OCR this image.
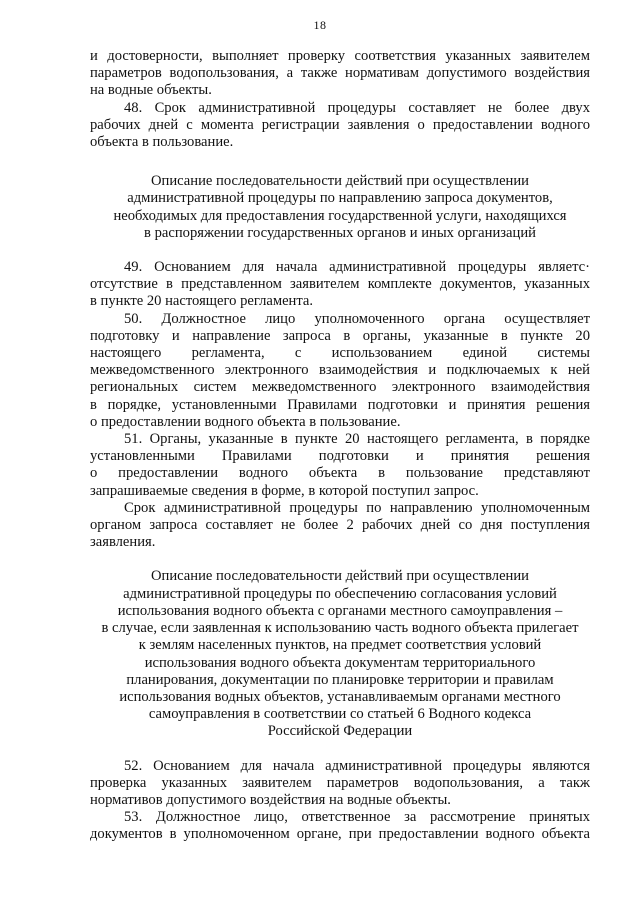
18
и достоверности, выполняет проверку соответствия указанных заявителем
параметров водопользования, а также нормативам допустимого воздействия
на водные объекты.
48. Срок административной процедуры составляет не более двух
рабочих дней с момента регистрации заявления о предоставлении водного
объекта в пользование.
Описание последовательности действий при осуществлении
административной процедуры по направлению запроса документов,
необходимых для предоставления государственной услуги, находящихся
в распоряжении государственных органов и иных организаций
49. Основанием для начала административной процедуры являетс·
отсутствие в представленном заявителем комплекте документов, указанных
в пункте 20 настоящего регламента.
50. Должностное лицо уполномоченного органа осуществляет
подготовку и направление запроса в органы, указанные в пункте 20
настоящего регламента, с использованием единой системы
межведомственного электронного взаимодействия и подключаемых к ней
региональных систем межведомственного электронного взаимодействия
в порядке, установленными Правилами подготовки и принятия решения
о предоставлении водного объекта в пользование.
51. Органы, указанные в пункте 20 настоящего регламента, в порядке
установленными Правилами подготовки и принятия решения
о предоставлении водного объекта в пользование представляют
запрашиваемые сведения в форме, в которой поступил запрос.
Срок административной процедуры по направлению уполномоченным
органом запроса составляет не более 2 рабочих дней со дня поступления
заявления.
Описание последовательности действий при осуществлении
административной процедуры по обеспечению согласования условий
использования водного объекта с органами местного самоуправления –
в случае, если заявленная к использованию часть водного объекта прилегает
к землям населенных пунктов, на предмет соответствия условий
использования водного объекта документам территориального
планирования, документации по планировке территории и правилам
использования водных объектов, устанавливаемым органами местного
самоуправления в соответствии со статьей 6 Водного кодекса
Российской Федерации
52. Основанием для начала административной процедуры являются
проверка указанных заявителем параметров водопользования, а такж
нормативов допустимого воздействия на водные объекты.
53. Должностное лицо, ответственное за рассмотрение принятых
документов в уполномоченном органе, при предоставлении водного объекта
